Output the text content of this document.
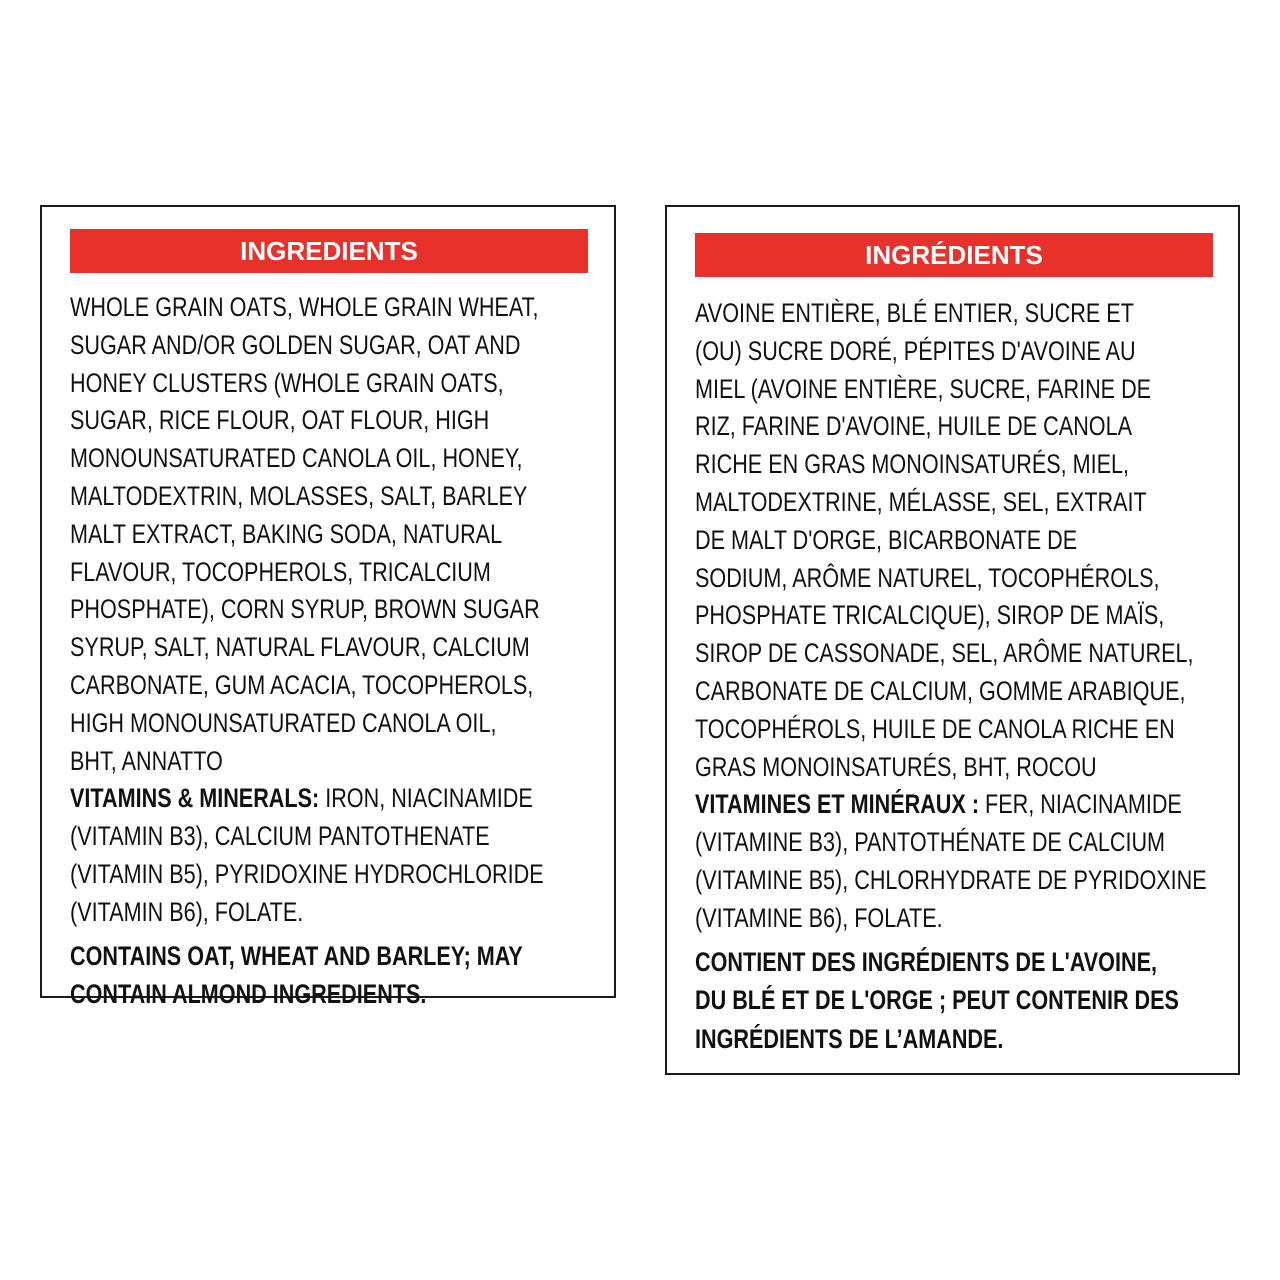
INGREDIENTS
WHOLE GRAIN OATS, WHOLE GRAIN WHEAT,
SUGAR AND/OR GOLDEN SUGAR, OAT AND
HONEY CLUSTERS (WHOLE GRAIN OATS,
SUGAR, RICE FLOUR, OAT FLOUR, HIGH
MONOUNSATURATED CANOLA OIL, HONEY,
MALTODEXTRIN, MOLASSES, SALT, BARLEY
MALT EXTRACT, BAKING SODA, NATURAL
FLAVOUR, TOCOPHEROLS, TRICALCIUM
PHOSPHATE), CORN SYRUP, BROWN SUGAR
SYRUP, SALT, NATURAL FLAVOUR, CALCIUM
CARBONATE, GUM ACACIA, TOCOPHEROLS,
HIGH MONOUNSATURATED CANOLA OIL,
BHT, ANNATTO
VITAMINS & MINERALS: IRON, NIACINAMIDE
(VITAMIN B3), CALCIUM PANTOTHENATE
(VITAMIN B5), PYRIDOXINE HYDROCHLORIDE
(VITAMIN B6), FOLATE.
CONTAINS OAT, WHEAT AND BARLEY; MAY
CONTAIN ALMOND INGREDIENTS.
INGRÉDIENTS
AVOINE ENTIÈRE, BLÉ ENTIER, SUCRE ET
(OU) SUCRE DORÉ, PÉPITES D'AVOINE AU
MIEL (AVOINE ENTIÈRE, SUCRE, FARINE DE
RIZ, FARINE D'AVOINE, HUILE DE CANOLA
RICHE EN GRAS MONOINSATURÉS, MIEL,
MALTODEXTRINE, MÉLASSE, SEL, EXTRAIT
DE MALT D'ORGE, BICARBONATE DE
SODIUM, ARÔME NATUREL, TOCOPHÉROLS,
PHOSPHATE TRICALCIQUE), SIROP DE MAÏS,
SIROP DE CASSONADE, SEL, ARÔME NATUREL,
CARBONATE DE CALCIUM, GOMME ARABIQUE,
TOCOPHÉROLS, HUILE DE CANOLA RICHE EN
GRAS MONOINSATURÉS, BHT, ROCOU
VITAMINES ET MINÉRAUX : FER, NIACINAMIDE
(VITAMINE B3), PANTOTHÉNATE DE CALCIUM
(VITAMINE B5), CHLORHYDRATE DE PYRIDOXINE
(VITAMINE B6), FOLATE.
CONTIENT DES INGRÉDIENTS DE L'AVOINE,
DU BLÉ ET DE L'ORGE ; PEUT CONTENIR DES
INGRÉDIENTS DE L’AMANDE.
